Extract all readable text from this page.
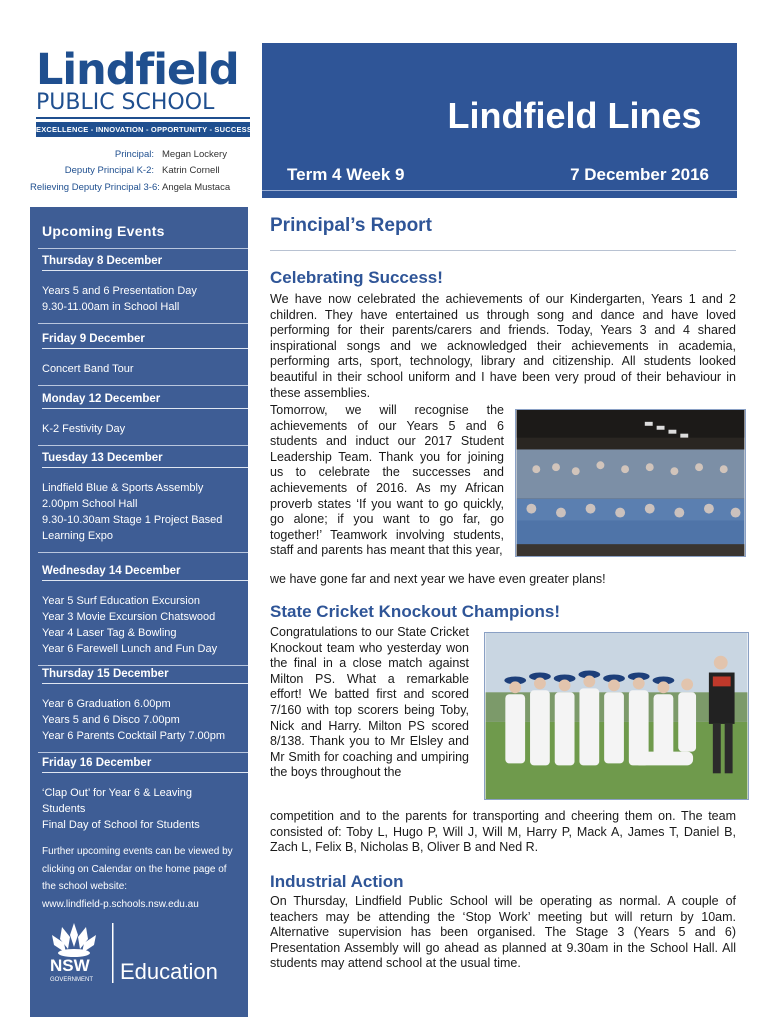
Lindfield
PUBLIC SCHOOL
EXCELLENCE - INNOVATION - OPPORTUNITY - SUCCESS
Principal: Megan Lockery
Deputy Principal K-2: Katrin Cornell
Relieving Deputy Principal 3-6: Angela Mustaca
Lindfield Lines
Term 4 Week 9	7 December 2016
Upcoming Events
Thursday 8 December
Years 5 and 6 Presentation Day
9.30-11.00am in School Hall
Friday 9 December
Concert Band Tour
Monday 12 December
K-2 Festivity Day
Tuesday 13 December
Lindfield Blue & Sports Assembly
2.00pm School Hall
9.30-10.30am Stage 1 Project Based
Learning Expo
Wednesday 14 December
Year 5 Surf Education Excursion
Year 3 Movie Excursion Chatswood
Year 4 Laser Tag & Bowling
Year 6 Farewell Lunch and Fun Day
Thursday 15 December
Year 6 Graduation 6.00pm
Years 5 and 6 Disco 7.00pm
Year 6 Parents Cocktail Party 7.00pm
Friday 16 December
‘Clap Out’ for Year 6 & Leaving
Students
Final Day of School for Students
Further upcoming events can be viewed by clicking on Calendar on the home page of the school website:
www.lindfield-p.schools.nsw.edu.au
NSW
GOVERNMENT Education
Principal’s Report
Celebrating Success!
We have now celebrated the achievements of our Kindergarten, Years 1 and 2 children. They have entertained us through song and dance and have loved performing for their parents/carers and friends. Today, Years 3 and 4 shared inspirational songs and we acknowledged their achievements in academia, performing arts, sport, technology, library and citizenship. All students looked beautiful in their school uniform and I have been very proud of their behaviour in these assemblies.
Tomorrow, we will recognise the achievements of our Years 5 and 6 students and induct our 2017 Student Leadership Team. Thank you for joining us to celebrate the successes and achievements of 2016. As my African proverb states ‘If you want to go quickly, go alone; if you want to go far, go together!’ Teamwork involving students, staff and parents has meant that this year,
we have gone far and next year we have even greater plans!
State Cricket Knockout Champions!
Congratulations to our State Cricket Knockout team who yesterday won the final in a close match against Milton PS. What a remarkable effort! We batted first and scored 7/160 with top scorers being Toby, Nick and Harry. Milton PS scored 8/138. Thank you to Mr Elsley and Mr Smith for coaching and umpiring the boys throughout the
competition and to the parents for transporting and cheering them on. The team consisted of: Toby L, Hugo P, Will J, Will M, Harry P, Mack A, James T, Daniel B, Zach L, Felix B, Nicholas B, Oliver B and Ned R.
Industrial Action
On Thursday, Lindfield Public School will be operating as normal. A couple of teachers may be attending the ‘Stop Work’ meeting but will return by 10am. Alternative supervision has been organised. The Stage 3 (Years 5 and 6) Presentation Assembly will go ahead as planned at 9.30am in the School Hall. All students may attend school at the usual time.
